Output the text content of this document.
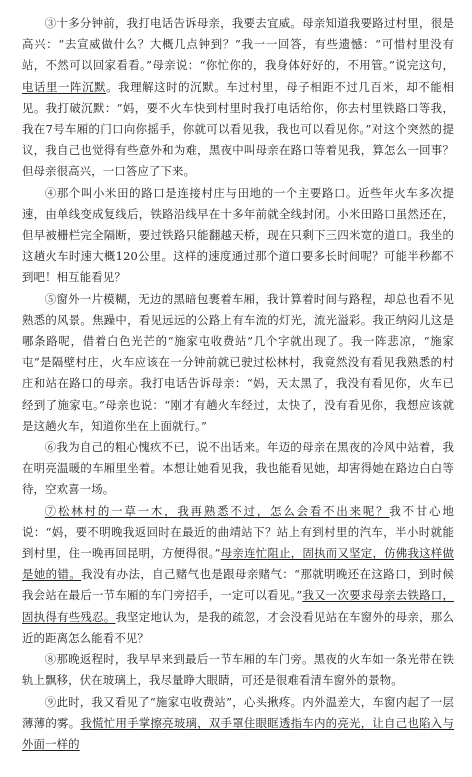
③十多分钟前，我打电话告诉母亲，我要去宜威。母亲知道我要路过村里，很是高兴：“去宣威做什么？大概几点钟到？”我一一回答，有些遗憾：“可惜村里没有站，不然可以回家看看。”母亲说：“你忙你的，我身体好好的，不用管。”说完这句，电话里一阵沉默。我理解这时的沉默。车过村里，母子相距不过几百米，却不能相见。我打破沉默：“妈，要不火车快到村里时我打电话给你，你去村里铁路口等我，我在7号车厢的门口向你摇手，你就可以看见我，我也可以看见你。”对这个突然的提议，我自己也觉得有些意外和为难，黑夜中叫母亲在路口等着见我，算怎么一回事？但母亲很高兴，一口答应了下来。

④那个叫小米田的路口是连接村庄与田地的一个主要路口。近些年火车多次提速，由单线变成复线后，铁路沿线早在十多年前就全线封闭。小米田路口虽然还在，但早被栅栏完全隔断，要过铁路只能翻越天桥，现在只剩下三四米宽的道口。我坐的这趟火车时速大概120公里。这样的速度通过那个道口要多长时间呢？可能半秒都不到吧！相互能看见？

⑤窗外一片模糊，无边的黑暗包裹着车厢，我计算着时间与路程，却总也看不见熟悉的风景。焦躁中，看见远远的公路上有车流的灯光，流光溢彩。我正纳闷儿这是哪条路呢，借着白色光芒的“施家屯收费站”几个字就出现了。我一阵悲凉，“施家屯”是隔壁村庄，火车应该在一分钟前就已驶过松林村，我竟然没有看见我熟悉的村庄和站在路口的母亲。我打电话告诉母亲：“妈，天太黑了，我没有看见你，火车已经到了施家屯。”母亲也说：“刚才有趟火车经过，太快了，没有看见你，我想应该就是这趟火车，知道你坐在上面就行。”

⑥我为自己的粗心愧疚不已，说不出话来。年迈的母亲在黑夜的冷风中站着，我在明亮温暖的车厢里坐着。本想让她看见我，我也能看见她，却害得她在路边白白等待，空欢喜一场。

⑦松林村的一草一木，我再熟悉不过，怎么会看不出来呢？我不甘心地说：“妈，要不明晚我返回时在最近的曲靖站下？站上有到村里的汽车，半小时就能到村里，住一晚再回昆明，方便得很。”母亲连忙阻止，固执而又坚定，仿佛我这样做是她的错。我没有办法，自己赌气也是跟母亲赌气：“那就明晚还在这路口，到时候我会站在最后一节车厢的车门旁招手，一定可以看见。”我又一次要求母亲去铁路口，固执得有些残忍。我坚定地认为，是我的疏忽，才会没看见站在车窗外的母亲，那么近的距离怎么能看不见？

⑧那晚返程时，我早早来到最后一节车厢的车门旁。黑夜的火车如一条光带在铁轨上飘移，伏在玻璃上，我尽量睁大眼睛，可还是很难看清车窗外的景物。

⑨此时，我又看见了“施家屯收费站”，心头揪疼。内外温差大，车窗内起了一层薄薄的雾。我慌忙用手掌擦亮玻璃，双手罩住眼眶透指车内的亮光，让自己也陷入与外面一样的
